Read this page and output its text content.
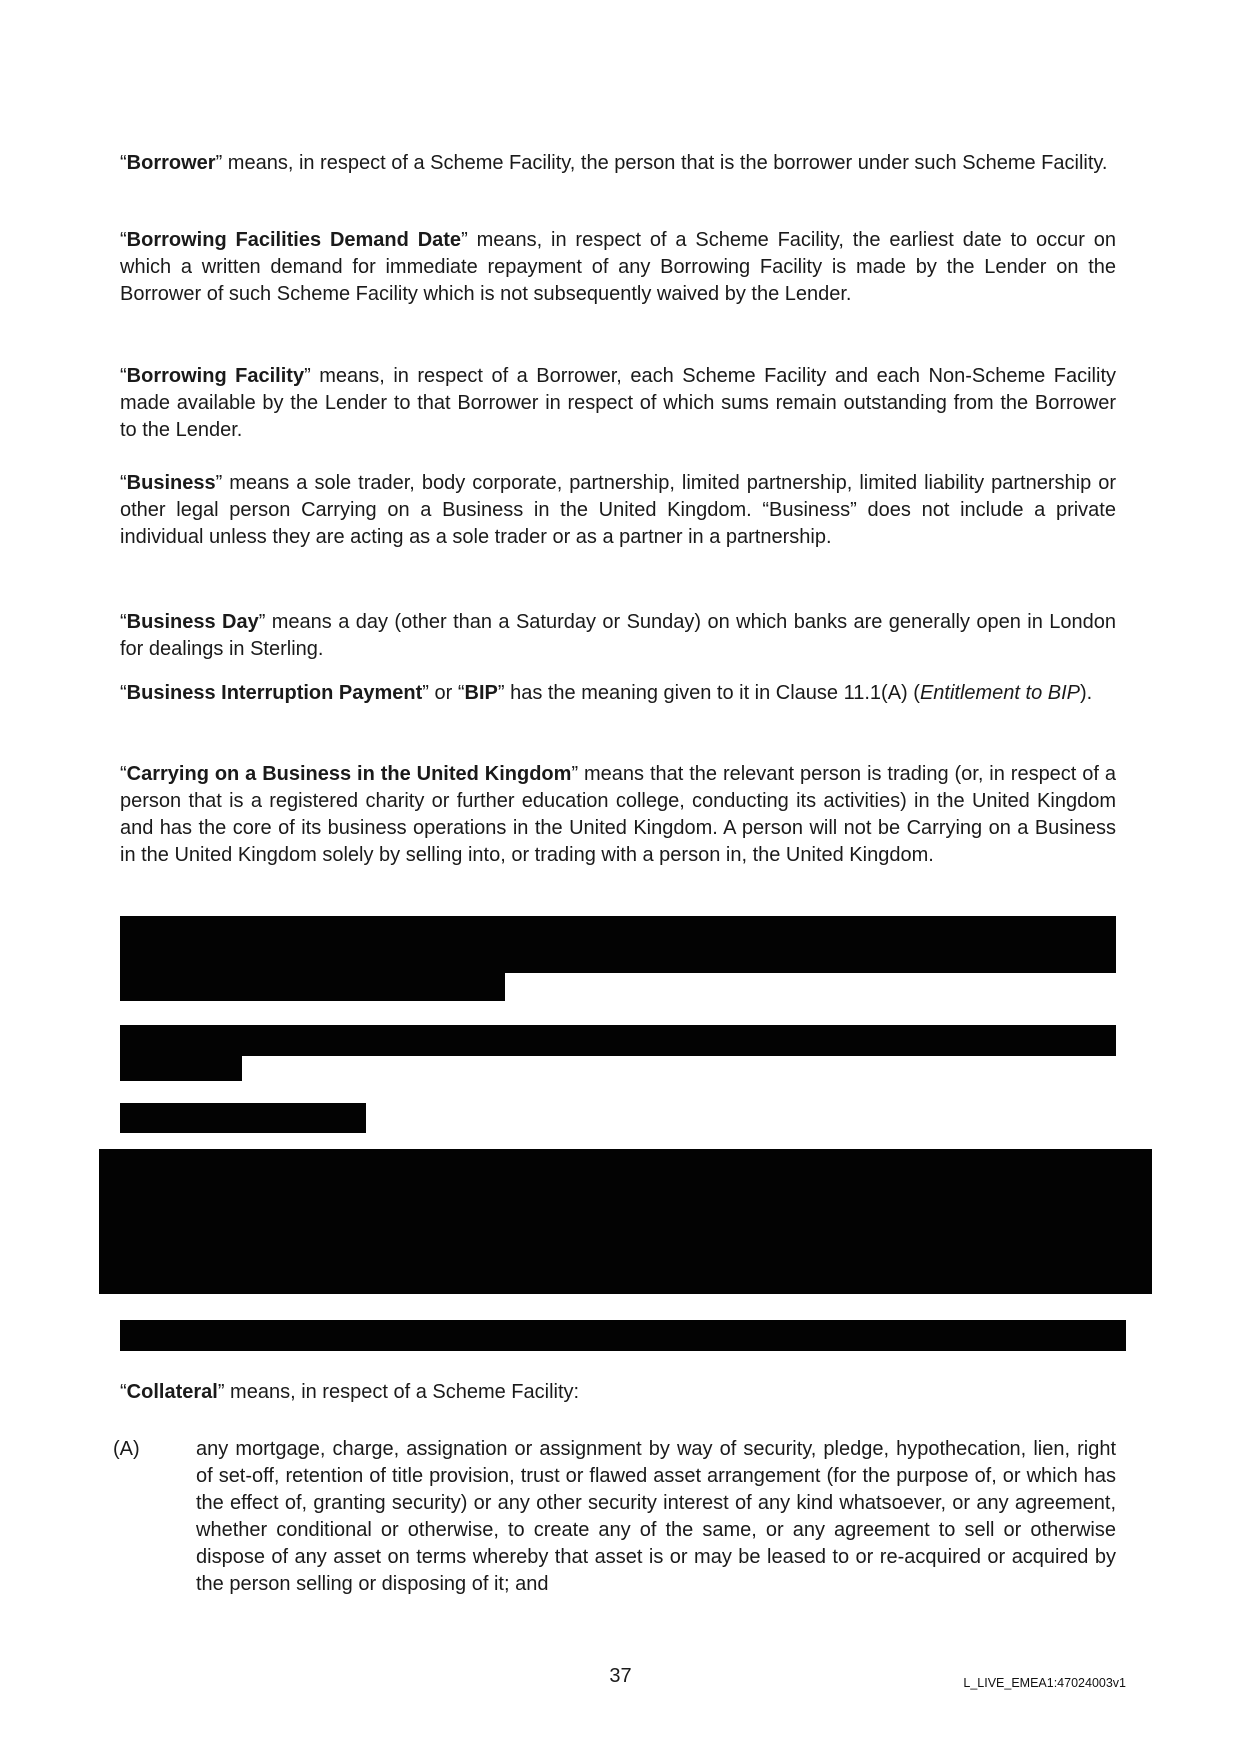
“Borrower” means, in respect of a Scheme Facility, the person that is the borrower under such Scheme Facility.
“Borrowing Facilities Demand Date” means, in respect of a Scheme Facility, the earliest date to occur on which a written demand for immediate repayment of any Borrowing Facility is made by the Lender on the Borrower of such Scheme Facility which is not subsequently waived by the Lender.
“Borrowing Facility” means, in respect of a Borrower, each Scheme Facility and each Non-Scheme Facility made available by the Lender to that Borrower in respect of which sums remain outstanding from the Borrower to the Lender.
“Business” means a sole trader, body corporate, partnership, limited partnership, limited liability partnership or other legal person Carrying on a Business in the United Kingdom. “Business” does not include a private individual unless they are acting as a sole trader or as a partner in a partnership.
“Business Day” means a day (other than a Saturday or Sunday) on which banks are generally open in London for dealings in Sterling.
“Business Interruption Payment” or “BIP” has the meaning given to it in Clause 11.1(A) (Entitlement to BIP).
“Carrying on a Business in the United Kingdom” means that the relevant person is trading (or, in respect of a person that is a registered charity or further education college, conducting its activities) in the United Kingdom and has the core of its business operations in the United Kingdom. A person will not be Carrying on a Business in the United Kingdom solely by selling into, or trading with a person in, the United Kingdom.
“Collateral” means, in respect of a Scheme Facility:
(A)	any mortgage, charge, assignation or assignment by way of security, pledge, hypothecation, lien, right of set-off, retention of title provision, trust or flawed asset arrangement (for the purpose of, or which has the effect of, granting security) or any other security interest of any kind whatsoever, or any agreement, whether conditional or otherwise, to create any of the same, or any agreement to sell or otherwise dispose of any asset on terms whereby that asset is or may be leased to or re-acquired or acquired by the person selling or disposing of it; and
37	L_LIVE_EMEA1:47024003v1
